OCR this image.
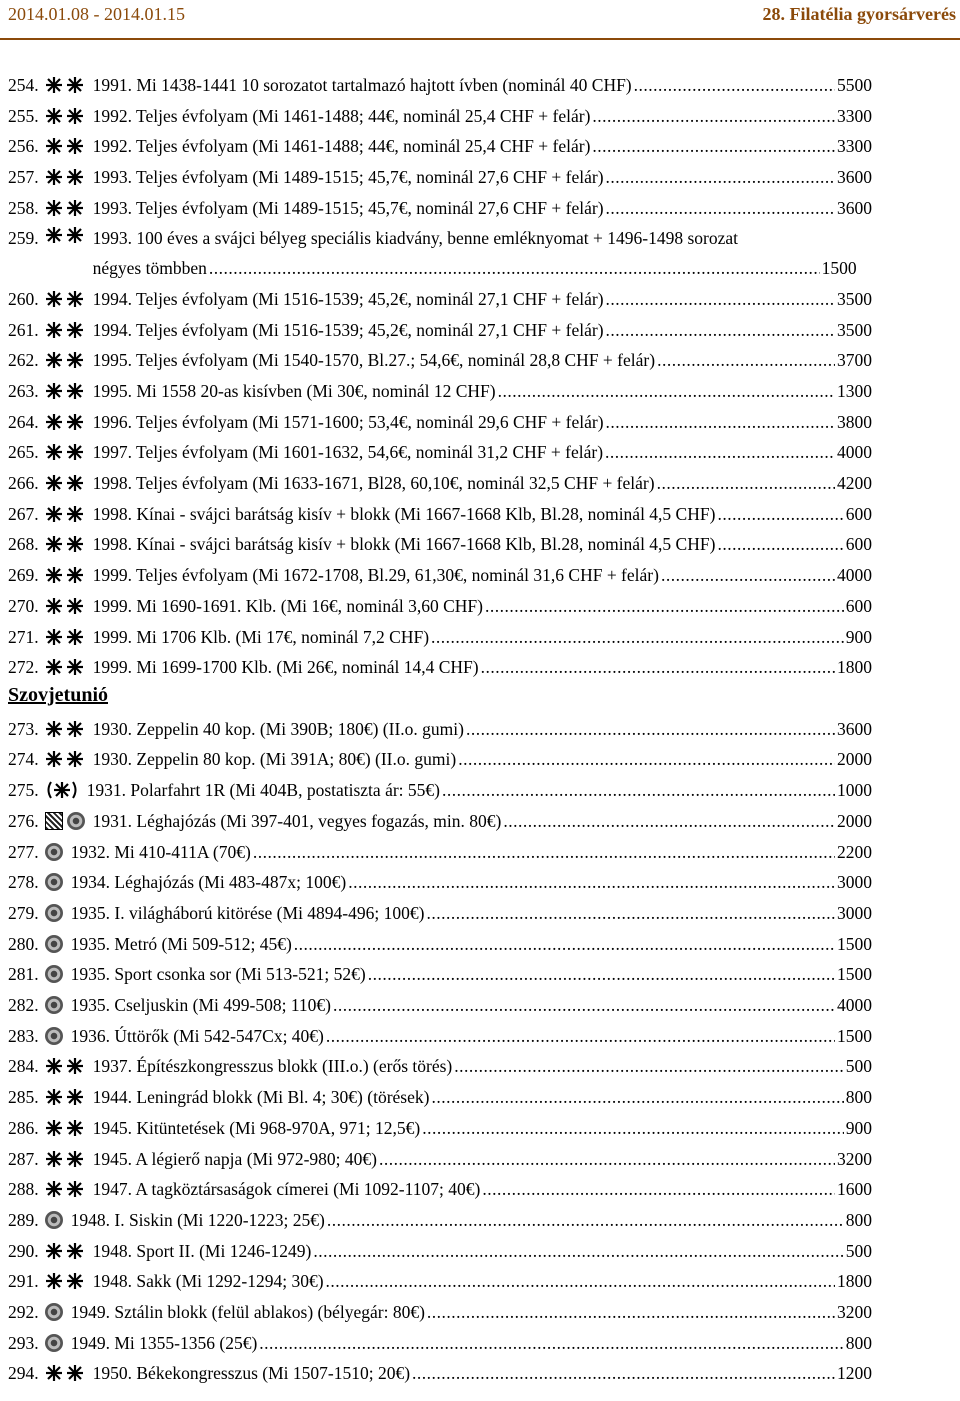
2014.01.08 - 2014.01.15	28. Filatélia gyorsárverés
254.	1991. Mi 1438-1441 10 sorozatot tartalmazó hajtott ívben (nominál 40 CHF) .....	5500
255.	1992. Teljes évfolyam (Mi 1461-1488; 44€, nominál 25,4 CHF + felár) .....	3300
256.	1992. Teljes évfolyam (Mi 1461-1488; 44€, nominál 25,4 CHF + felár) .....	3300
257.	1993. Teljes évfolyam (Mi 1489-1515; 45,7€, nominál 27,6 CHF + felár) .....	3600
258.	1993. Teljes évfolyam (Mi 1489-1515; 45,7€, nominál 27,6 CHF + felár) .....	3600
259.	1993. 100 éves a svájci bélyeg speciális kiadvány, benne emléknyomat + 1496-1498 sorozat
négyes tömbben .....	1500
260.	1994. Teljes évfolyam (Mi 1516-1539; 45,2€, nominál 27,1 CHF + felár) .....	3500
261.	1994. Teljes évfolyam (Mi 1516-1539; 45,2€, nominál 27,1 CHF + felár) .....	3500
262.	1995. Teljes évfolyam (Mi 1540-1570, Bl.27.; 54,6€, nominál 28,8 CHF + felár) .....	3700
263.	1995. Mi 1558 20-as kisívben (Mi 30€, nominál 12 CHF) .....	1300
264.	1996. Teljes évfolyam (Mi 1571-1600; 53,4€, nominál 29,6 CHF + felár) .....	3800
265.	1997. Teljes évfolyam (Mi 1601-1632, 54,6€, nominál 31,2 CHF + felár) .....	4000
266.	1998. Teljes évfolyam (Mi 1633-1671, Bl28, 60,10€, nominál 32,5 CHF + felár) .....	4200
267.	1998. Kínai - svájci barátság kisív + blokk (Mi 1667-1668 Klb, Bl.28, nominál 4,5 CHF) .....	600
268.	1998. Kínai - svájci barátság kisív + blokk (Mi 1667-1668 Klb, Bl.28, nominál 4,5 CHF) .....	600
269.	1999. Teljes évfolyam (Mi 1672-1708, Bl.29, 61,30€, nominál 31,6 CHF + felár) .....	4000
270.	1999. Mi 1690-1691. Klb. (Mi 16€, nominál 3,60 CHF) .....	600
271.	1999. Mi 1706 Klb. (Mi 17€, nominál 7,2 CHF) .....	900
272.	1999. Mi 1699-1700 Klb. (Mi 26€, nominál 14,4 CHF) .....	1800
Szovjetunió
273.	1930. Zeppelin 40 kop. (Mi 390B; 180€) (II.o. gumi) .....	3600
274.	1930. Zeppelin 80 kop. (Mi 391A; 80€) (II.o. gumi) .....	2000
275.	1931. Polarfahrt 1R (Mi 404B, postatiszta ár: 55€) .....	1000
276.	1931. Léghajózás (Mi 397-401, vegyes fogazás, min. 80€) .....	2000
277. 1932. Mi 410-411A (70€) .....	2200
278. 1934. Léghajózás (Mi 483-487x; 100€) .....	3000
279. 1935. I. világháború kitörése (Mi 4894-496; 100€) .....	3000
280. 1935. Metró (Mi 509-512; 45€) .....	1500
281. 1935. Sport csonka sor (Mi 513-521; 52€) .....	1500
282. 1935. Cseljuskin (Mi 499-508; 110€) .....	4000
283. 1936. Úttörők (Mi 542-547Cx; 40€) .....	1500
284.	1937. Építészkongresszus blokk (III.o.) (erős törés) .....	500
285.	1944. Leningrád blokk (Mi Bl. 4; 30€) (törések) .....	800
286.	1945. Kitüntetések (Mi 968-970A, 971; 12,5€) .....	900
287.	1945. A légierő napja (Mi 972-980; 40€) .....	3200
288.	1947. A tagköztársaságok címerei (Mi 1092-1107; 40€) .....	1600
289. 1948. I. Siskin (Mi 1220-1223; 25€) .....	800
290.	1948. Sport II. (Mi 1246-1249) .....	500
291.	1948. Sakk (Mi 1292-1294; 30€) .....	1800
292. 1949. Sztálin blokk (felül ablakos) (bélyegár: 80€) .....	3200
293. 1949. Mi 1355-1356 (25€) .....	800
294.	1950. Békekongresszus (Mi 1507-1510; 20€) .....	1200
